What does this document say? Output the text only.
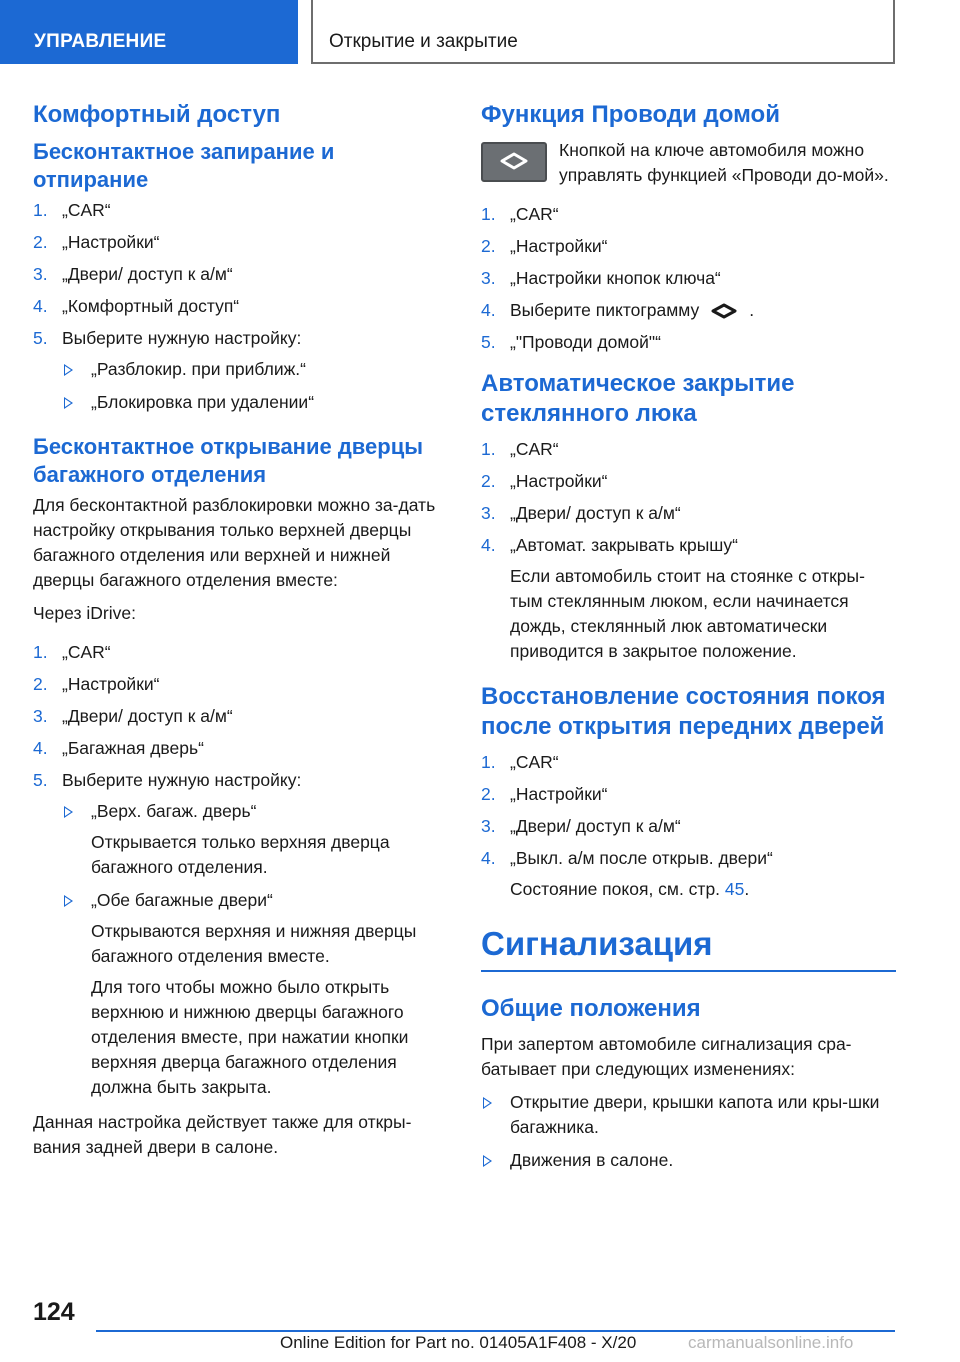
УПРАВЛЕНИЕ	Открытие и закрытие
Комфортный доступ
Бесконтактное запирание и отпирание
1. „CAR“
2. „Настройки“
3. „Двери/ доступ к а/м“
4. „Комфортный доступ“
5. Выберите нужную настройку:
„Разблокир. при приближ.“
„Блокировка при удалении“
Бесконтактное открывание дверцы багажного отделения

Для бесконтактной разблокировки можно за-дать настройку открывания только верхней дверцы багажного отделения или верхней и нижней дверцы багажного отделения вместе:

Через iDrive:

1. „CAR“
2. „Настройки“
3. „Двери/ доступ к а/м“
4. „Багажная дверь“
5. Выберите нужную настройку:
„Верх. багаж. дверь“
Открывается только верхняя дверца багажного отделения.
„Обе багажные двери“
Открываются верхняя и нижняя дверцы багажного отделения вместе.
Для того чтобы можно было открыть верхнюю и нижнюю дверцы багажного отделения вместе, при нажатии кнопки верхняя дверца багажного отделения должна быть закрыта.

Данная настройка действует также для откры-вания задней двери в салоне.

Функция Проводи домой

Кнопкой на ключе автомобиля можно управлять функцией «Проводи до-мой».

1. „CAR“
2. „Настройки“
3. „Настройки кнопок ключа“
4. Выберите пиктограмму	.
5. „"Проводи домой"“
Автоматическое закрытие стеклянного люка
1. „CAR“
2. „Настройки“
3. „Двери/ доступ к а/м“
4. „Автомат. закрывать крышу“
Если автомобиль стоит на стоянке с откры-тым стеклянным люком, если начинается дождь, стеклянный люк автоматически приводится в закрытое положение.
Восстановление состояния покоя после открытия передних дверей
1. „CAR“
2. „Настройки“
3. „Двери/ доступ к а/м“
4. „Выкл. а/м после открыв. двери“
Состояние покоя, см. стр. 45.
Сигнализация
Общие положения

При запертом автомобиле сигнализация сра-батывает при следующих изменениях:

Открытие двери, крышки капота или кры-шки багажника.
Движения в салоне.
124
Online Edition for Part no. 01405A1F408 - X/20	carmanualsonline.info
